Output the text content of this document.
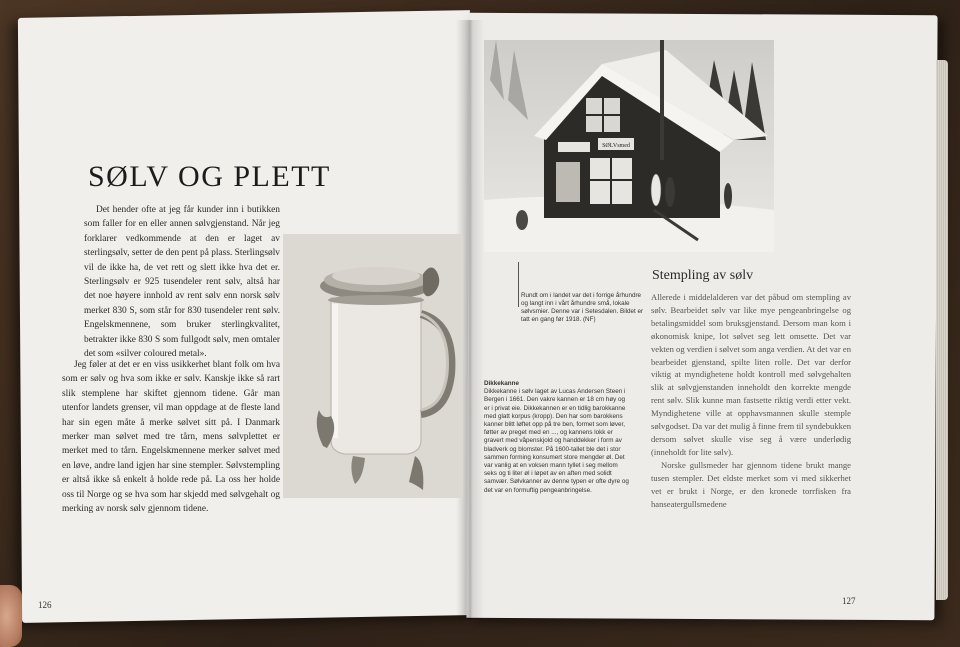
SØLV OG PLETT

Det hender ofte at jeg får kunder inn i butikken som faller for en eller annen sølvgjenstand. Når jeg forklarer vedkommende at den er laget av sterlingsølv, setter de den pent på plass. Sterlingsølv vil de ikke ha, de vet rett og slett ikke hva det er. Sterlingsølv er 925 tusendeler rent sølv, altså har det noe høyere innhold av rent sølv enn norsk sølv merket 830 S, som står for 830 tusendeler rent sølv. Engelskmennene, som bruker sterlingkvalitet, betrakter ikke 830 S som fullgodt sølv, men omtaler det som «silver coloured metal».

Jeg føler at det er en viss usikkerhet blant folk om hva som er sølv og hva som ikke er sølv. Kanskje ikke så rart slik stemplene har skiftet gjennom tidene. Går man utenfor landets grenser, vil man oppdage at de fleste land har sin egen måte å merke sølvet sitt på. I Danmark merker man sølvet med tre tårn, mens sølvplettet er merket med to tårn. Engelskmennene merker sølvet med en løve, andre land igjen har sine stempler. Sølvstempling er altså ikke så enkelt å holde rede på. La oss her holde oss til Norge og se hva som har skjedd med sølvgehalt og merking av norsk sølv gjennom tidene.

126
SØLVsmed
Rundt om i landet var det i forrige århundre og langt inn i vårt århundre små, lokale sølvsmier. Denne var i Setesdalen. Bildet er tatt en gang før 1918. (NF)
Dikkekanne
Dikkekanne i sølv laget av Lucas Andersen Steen i Bergen i 1661. Den vakre kannen er 18 cm høy og er i privat eie. Dikkekannen er en tidlig barokkanne med glatt korpus (kropp). Den har som barokkens kanner blitt løftet opp på tre ben, formet som løver, føtter av preget med en ..., og kannens lokk er gravert med våpenskjold og handdekker i form av bladverk og blomster. På 1600-tallet ble det i stor sammen forming konsumert store mengder øl. Det var vanlig at en voksen mann tyllet i seg mellom seks og ti liter øl i løpet av en aften med solidt samvær. Sølvkanner av denne typen er ofte dyre og det var en formuftig pengeanbringelse.
Stempling av sølv

Allerede i middelalderen var det påbud om stempling av sølv. Bearbeidet sølv var like mye pengeanbringelse og betalingsmiddel som bruksgjenstand. Dersom man kom i økonomisk knipe, lot sølvet seg lett omsette. Det var vekten og verdien i sølvet som anga verdien. At det var en bearbeidet gjenstand, spilte liten rolle. Det var derfor viktig at myndighetene holdt kontroll med sølvgehalten slik at sølvgjenstanden inneholdt den korrekte mengde rent sølv. Slik kunne man fastsette riktig verdi etter vekt. Myndighetene ville at opphavsmannen skulle stemple sølvgodset. Da var det mulig å finne frem til syndebukken dersom sølvet skulle vise seg å være underlødig (inneholdt for lite sølv).

Norske gullsmeder har gjennom tidene brukt mange tusen stempler. Det eldste merket som vi med sikkerhet vet er brukt i Norge, er den kronede torrfisken fra hanseatergullsmedene

127
